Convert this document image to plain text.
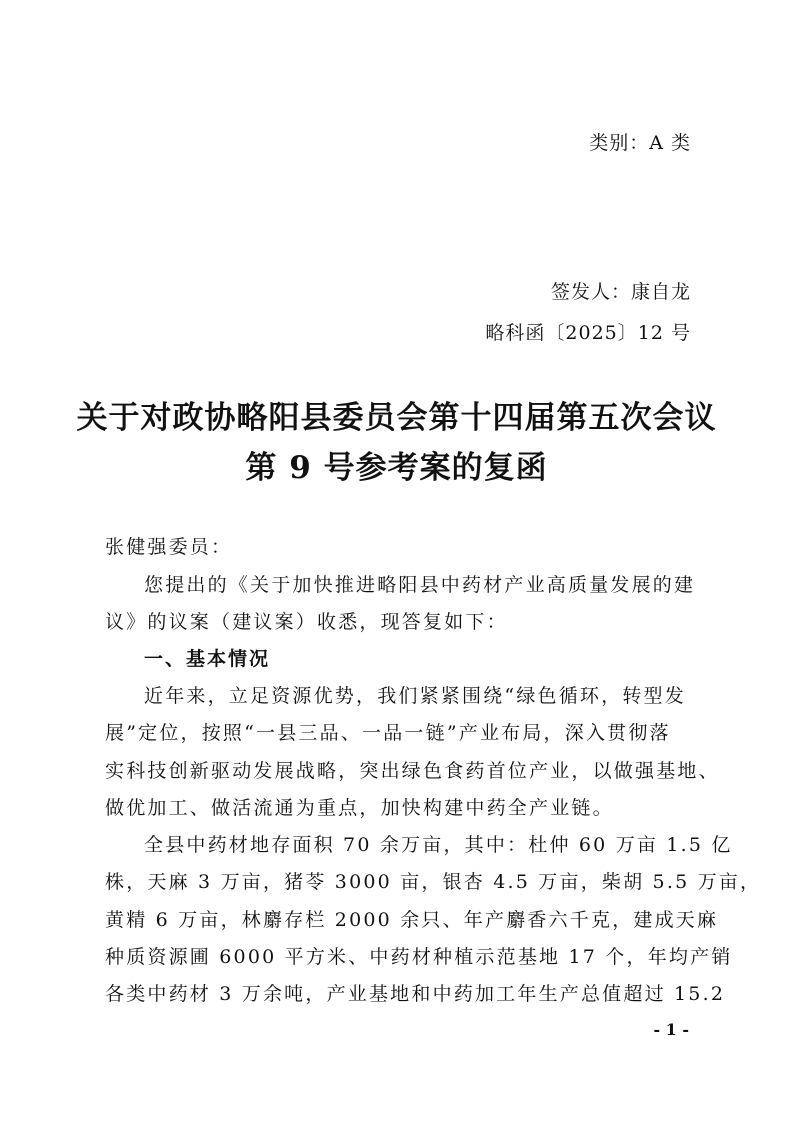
类别：A 类
签发人：康自龙
略科函〔2025〕12 号
关于对政协略阳县委员会第十四届第五次会议
第 9 号参考案的复函
张健强委员：
您提出的《关于加快推进略阳县中药材产业高质量发展的建
议》的议案（建议案）收悉，现答复如下：
一、基本情况
近年来，立足资源优势，我们紧紧围绕“绿色循环，转型发
展”定位，按照“一县三品、一品一链”产业布局，深入贯彻落
实科技创新驱动发展战略，突出绿色食药首位产业，以做强基地、
做优加工、做活流通为重点，加快构建中药全产业链。
全县中药材地存面积 70 余万亩，其中：杜仲 60 万亩 1.5 亿
株，天麻 3 万亩，猪苓 3000 亩，银杏 4.5 万亩，柴胡 5.5 万亩，
黄精 6 万亩，林麝存栏 2000 余只、年产麝香六千克，建成天麻
种质资源圃 6000 平方米、中药材种植示范基地 17 个，年均产销
各类中药材 3 万余吨，产业基地和中药加工年生产总值超过 15.2
- 1 -
